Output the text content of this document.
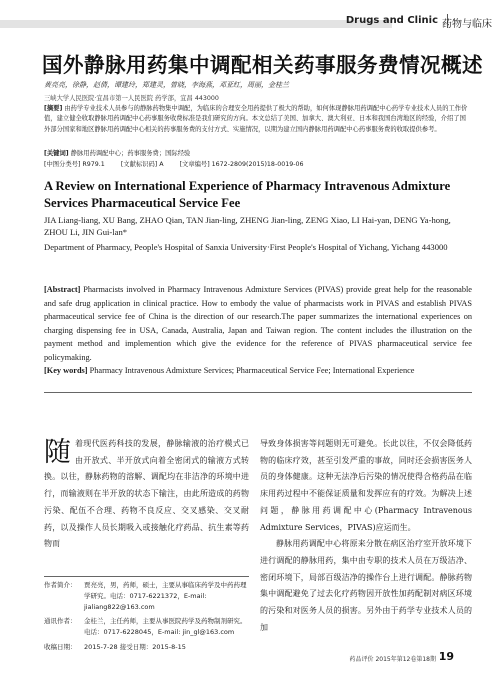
Drugs and Clinic 药物与临床
国外静脉用药集中调配相关药事服务费情况概述
黄亮亮，徐静，赵倩，谭建玲，郑建灵，曾晓，李海燕，邓亚红，周丽，金桂兰
三峡大学人民医院·宜昌市第一人民医院 药学部，宜昌 443000
[摘要] 由药学专业技术人员参与的静脉药物集中调配，为临床的合理安全用药提供了极大的帮助，如何体现静脉用药调配中心药学专业技术人员的工作价值，建立健全收取静脉用药调配中心药事服务收费标准是我们研究的方向。本文总结了美国、加拿大、澳大利亚、日本和我国台湾地区的经验，介绍了国外部分国家和地区静脉用药调配中心相关的药事服务费的支付方式、实施情况，以期为建立国内静脉用药调配中心药事服务费的收取提供参考。
[关键词] 静脉用药调配中心；药事服务费；国际经验
[中图分类号] R979.1	[文献标识码] A	[文章编号] 1672-2809(2015)18-0019-06
A Review on International Experience of Pharmacy Intravenous Admixture Services Pharmaceutical Service Fee
JIA Liang-liang, XU Bang, ZHAO Qian, TAN Jian-ling, ZHENG Jian-ling, ZENG Xiao, LI Hai-yan, DENG Ya-hong, ZHOU Li, JIN Gui-lan*
Department of Pharmacy, People's Hospital of Sanxia University·First People's Hospital of Yichang, Yichang 443000
[Abstract] Pharmacists involved in Pharmacy Intravenous Admixture Services (PIVAS) provide great help for the reasonable and safe drug application in clinical practice. How to embody the value of pharmacists work in PIVAS and establish PIVAS pharmaceutical service fee of China is the direction of our research.The paper summarizes the international experiences on charging dispensing fee in USA, Canada, Australia, Japan and Taiwan region. The content includes the illustration on the payment method and implemention which give the evidence for the reference of PIVAS pharmaceutical service fee policymaking.
[Key words] Pharmacy Intravenous Admixture Services; Pharmaceutical Service Fee; International Experience
随 着现代医药科技的发展，静脉输液的治疗模式已由开放式、半开放式向着全密闭式的输液方式转换。以往，静脉药物的溶解、调配均在非洁净的环境中进行，而输液则在半开放的状态下输注，由此所造成的药物污染、配伍不合理、药物不良反应、交叉感染、交叉耐药，以及操作人员长期吸入或接触化疗药品、抗生素等药物而
作者简介：	贾亮亮，男，药师，硕士，主要从事临床药学及中药药理学研究。电话：0717-6221372，E-mail: jialiang822@163.com
通讯作者：	金桂兰，主任药师，主要从事医院药学及药物制剂研究。电话：0717-6228045，E-mail: jin_gl@163.com
收稿日期：	2015-7-28 接受日期：2015-8-15

导致身体损害等问题则无可避免。长此以往，不仅会降低药物的临床疗效，甚至引发严重的事故，同时还会损害医务人员的身体健康。这种无法净后污染的情况使得合格药品在临床用药过程中不能保证质量和发挥应有的疗效。为解决上述问题，静脉用药调配中心(Pharmacy Intravenous Admixture Services，PIVAS)应运而生。

静脉用药调配中心将原来分散在病区治疗室开放环境下进行调配的静脉用药，集中由专职的技术人员在万级洁净、密闭环境下，局部百级洁净的操作台上进行调配。静脉药物集中调配避免了过去化疗药物因开放性加药配制对病区环境的污染和对医务人员的损害。另外由于药学专业技术人员的加

药品评价 2015年第12卷第18期 19
